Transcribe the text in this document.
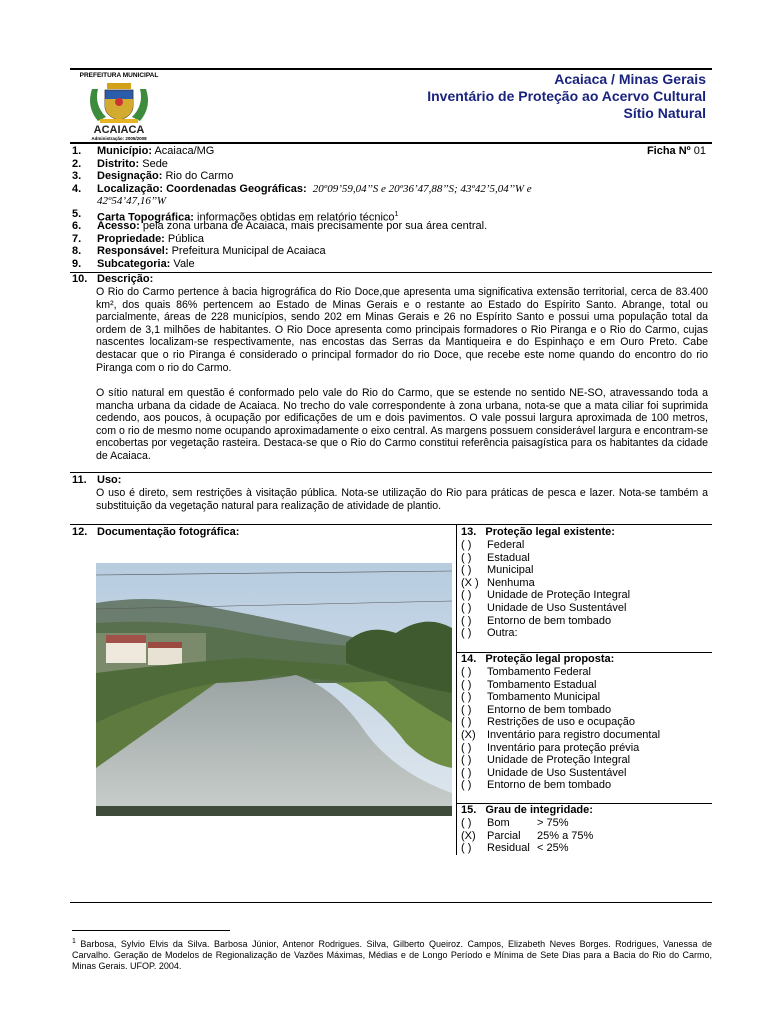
PREFEITURA MUNICIPAL
ACAIACA
Administração: 2005/2008
Acaiaca / Minas Gerais
Inventário de Proteção ao Acervo Cultural
Sítio Natural
1. Município: Acaiaca/MG	Ficha Nº 01
2. Distrito: Sede
3. Designação: Rio do Carmo
4. Localização: Coordenadas Geográficas: 20º09’59,04’’S e 20º36’47,88’’S; 43º42’5,04’’W e
42º54’47,16’’W
5. Carta Topográfica: informações obtidas em relatório técnico$^1$
6. Acesso: pela zona urbana de Acaiaca, mais precisamente por sua área central.
7. Propriedade: Pública
8. Responsável: Prefeitura Municipal de Acaiaca
9. Subcategoria: Vale
10. Descrição:
O Rio do Carmo pertence à bacia higrográfica do Rio Doce,que apresenta uma significativa extensão territorial, cerca de 83.400 km², dos quais 86% pertencem ao Estado de Minas Gerais e o restante ao Estado do Espírito Santo. Abrange, total ou parcialmente, áreas de 228 municípios, sendo 202 em Minas Gerais e 26 no Espírito Santo e possui uma população total da ordem de 3,1 milhões de habitantes. O Rio Doce apresenta como principais formadores o Rio Piranga e o Rio do Carmo, cujas nascentes localizam-se respectivamente, nas encostas das Serras da Mantiqueira e do Espinhaço e em Ouro Preto. Cabe destacar que o rio Piranga é considerado o principal formador do rio Doce, que recebe este nome quando do encontro do rio Piranga com o rio do Carmo.
O sítio natural em questão é conformado pelo vale do Rio do Carmo, que se estende no sentido NE-SO, atravessando toda a mancha urbana da cidade de Acaiaca. No trecho do vale correspondente à zona urbana, nota-se que a mata ciliar foi suprimida cedendo, aos poucos, à ocupação por edificações de um e dois pavimentos. O vale possui largura aproximada de 100 metros, com o rio de mesmo nome ocupando aproximadamente o eixo central. As margens possuem considerável largura e encontram-se encobertas por vegetação rasteira. Destaca-se que o Rio do Carmo constitui referência paisagística para os habitantes da cidade de Acaiaca.
11. Uso:
O uso é direto, sem restrições à visitação pública. Nota-se utilização do Rio para práticas de pesca e lazer. Nota-se também a substituição da vegetação natural para realização de atividade de plantio.
12. Documentação fotográfica:	13. Proteção legal existente:
( ) Federal
( ) Estadual
( ) Municipal
(X ) Nenhuma
( ) Unidade de Proteção Integral
( ) Unidade de Uso Sustentável
( ) Entorno de bem tombado
( ) Outra:
14. Proteção legal proposta:
( ) Tombamento Federal
( ) Tombamento Estadual
( ) Tombamento Municipal
( ) Entorno de bem tombado
( ) Restrições de uso e ocupação
(X) Inventário para registro documental
( ) Inventário para proteção prévia
( ) Unidade de Proteção Integral
( ) Unidade de Uso Sustentável
( ) Entorno de bem tombado
15. Grau de integridade:
( ) Bom > 75%
(X) Parcial 25% a 75%
( ) Residual < 25%
$^1$ Barbosa, Sylvio Elvis da Silva. Barbosa Júnior, Antenor Rodrigues. Silva, Gilberto Queiroz. Campos, Elizabeth Neves Borges. Rodrigues, Vanessa de Carvalho. Geração de Modelos de Regionalização de Vazões Máximas, Médias e de Longo Período e Mínima de Sete Dias para a Bacia do Rio do Carmo, Minas Gerais. UFOP. 2004.
